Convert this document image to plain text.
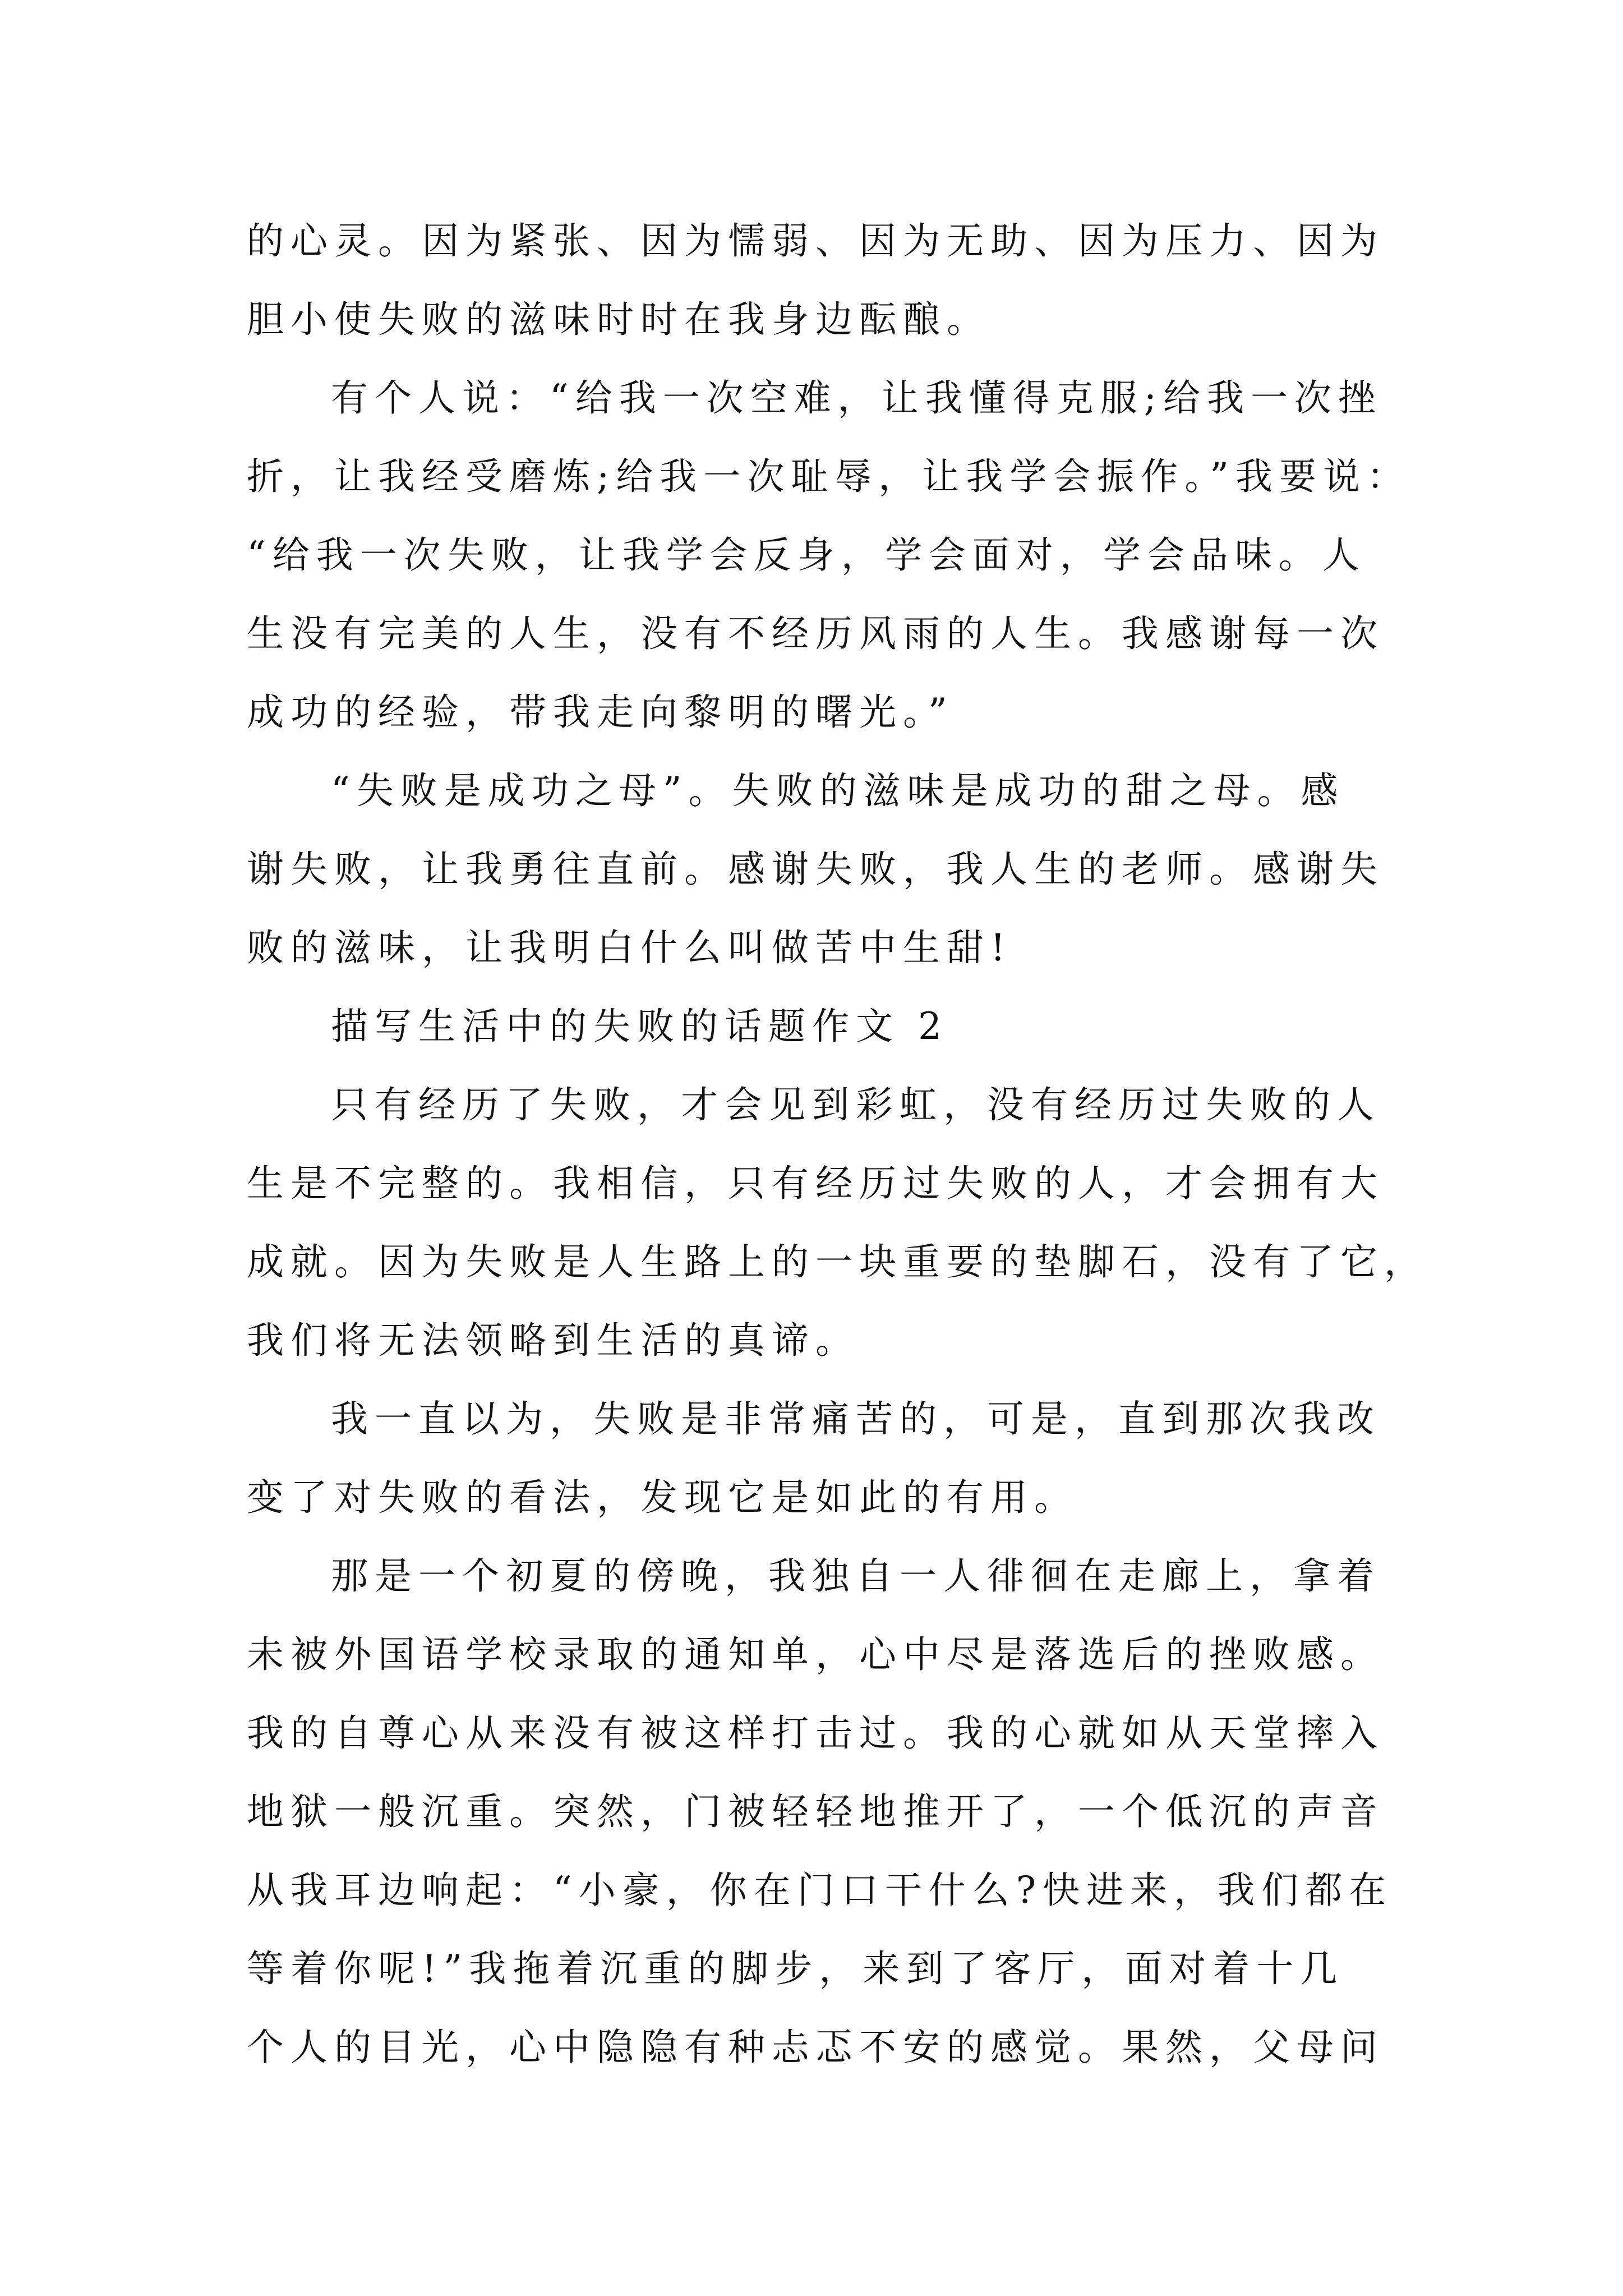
的心灵。因为紧张、因为懦弱、因为无助、因为压力、因为
胆小使失败的滋味时时在我身边酝酿。
有个人说：“给我一次空难，让我懂得克服;给我一次挫
折，让我经受磨炼;给我一次耻辱，让我学会振作。”我要说：
“给我一次失败，让我学会反身，学会面对，学会品味。人
生没有完美的人生，没有不经历风雨的人生。我感谢每一次
成功的经验，带我走向黎明的曙光。”
“失败是成功之母”。失败的滋味是成功的甜之母。感
谢失败，让我勇往直前。感谢失败，我人生的老师。感谢失
败的滋味，让我明白什么叫做苦中生甜!
描写生活中的失败的话题作文 2
只有经历了失败，才会见到彩虹，没有经历过失败的人
生是不完整的。我相信，只有经历过失败的人，才会拥有大
成就。因为失败是人生路上的一块重要的垫脚石，没有了它，
我们将无法领略到生活的真谛。
我一直以为，失败是非常痛苦的，可是，直到那次我改
变了对失败的看法，发现它是如此的有用。
那是一个初夏的傍晚，我独自一人徘徊在走廊上，拿着
未被外国语学校录取的通知单，心中尽是落选后的挫败感。
我的自尊心从来没有被这样打击过。我的心就如从天堂摔入
地狱一般沉重。突然，门被轻轻地推开了，一个低沉的声音
从我耳边响起：“小豪，你在门口干什么?快进来，我们都在
等着你呢!”我拖着沉重的脚步，来到了客厅，面对着十几
个人的目光，心中隐隐有种忐忑不安的感觉。果然，父母问
